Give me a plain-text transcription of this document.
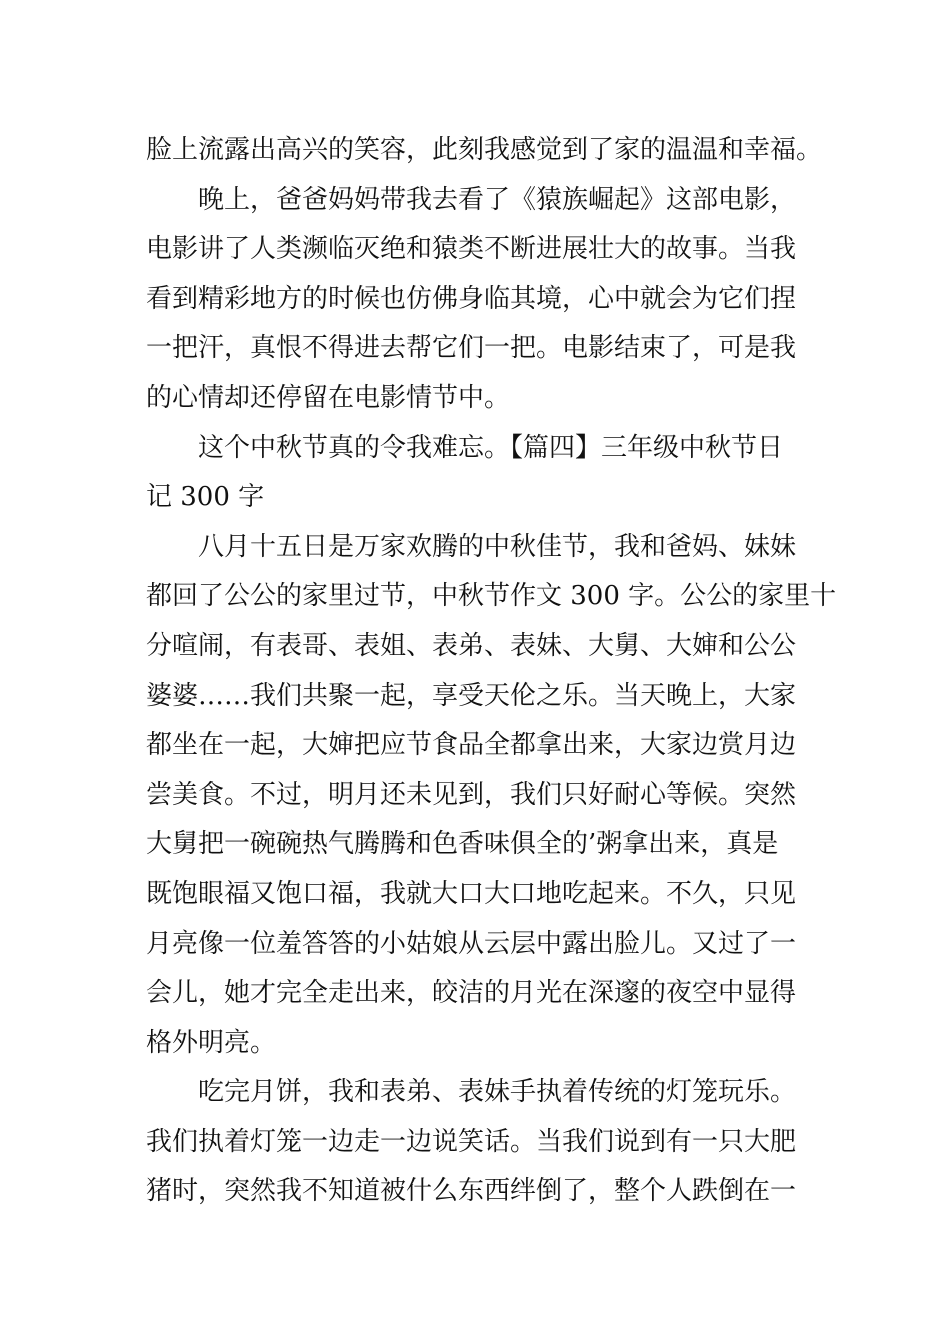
脸上流露出高兴的笑容，此刻我感觉到了家的温温和幸福。
晚上，爸爸妈妈带我去看了《猿族崛起》这部电影，
电影讲了人类濒临灭绝和猿类不断进展壮大的故事。当我
看到精彩地方的时候也仿佛身临其境，心中就会为它们捏
一把汗，真恨不得进去帮它们一把。电影结束了，可是我
的心情却还停留在电影情节中。
这个中秋节真的令我难忘。【篇四】三年级中秋节日
记 300 字
八月十五日是万家欢腾的中秋佳节，我和爸妈、妹妹
都回了公公的家里过节，中秋节作文 300 字。公公的家里十
分喧闹，有表哥、表姐、表弟、表妹、大舅、大婶和公公
婆婆……我们共聚一起，享受天伦之乐。当天晚上，大家
都坐在一起，大婶把应节食品全都拿出来，大家边赏月边
尝美食。不过，明月还未见到，我们只好耐心等候。突然
大舅把一碗碗热气腾腾和色香味俱全的’粥拿出来，真是
既饱眼福又饱口福，我就大口大口地吃起来。不久，只见
月亮像一位羞答答的小姑娘从云层中露出脸儿。又过了一
会儿，她才完全走出来，皎洁的月光在深邃的夜空中显得
格外明亮。
吃完月饼，我和表弟、表妹手执着传统的灯笼玩乐。
我们执着灯笼一边走一边说笑话。当我们说到有一只大肥
猪时，突然我不知道被什么东西绊倒了，整个人跌倒在一
